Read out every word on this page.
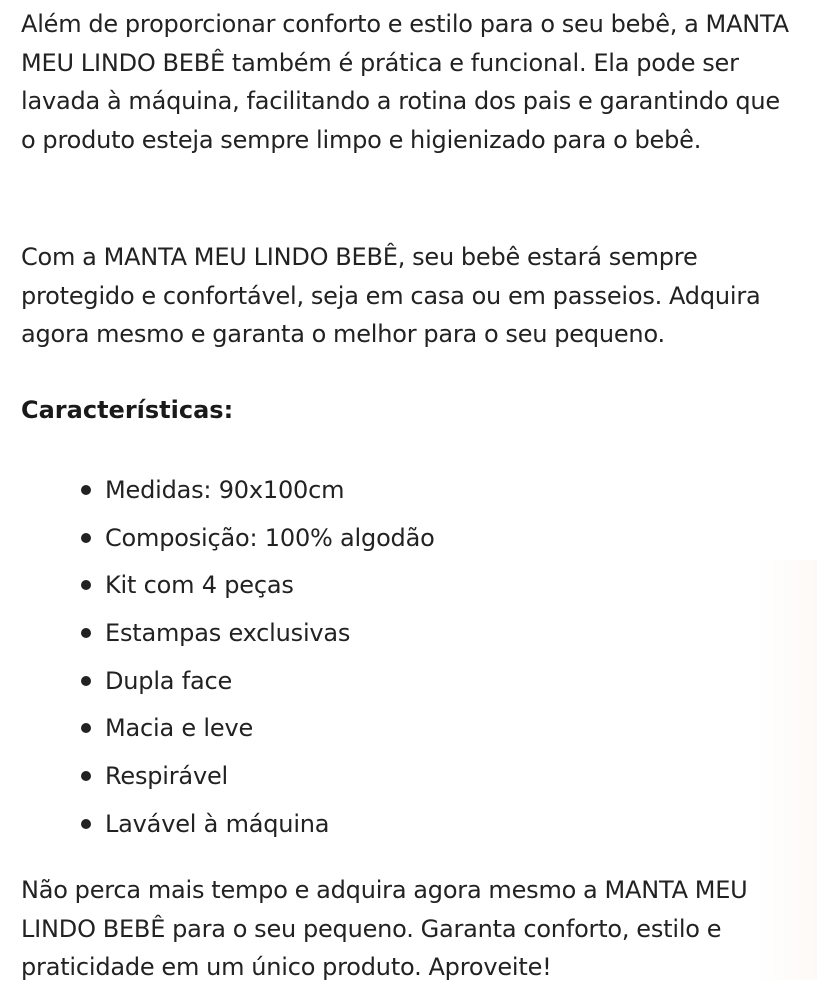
Além de proporcionar conforto e estilo para o seu bebê, a MANTA MEU LINDO BEBÊ também é prática e funcional. Ela pode ser lavada à máquina, facilitando a rotina dos pais e garantindo que o produto esteja sempre limpo e higienizado para o bebê.

Com a MANTA MEU LINDO BEBÊ, seu bebê estará sempre protegido e confortável, seja em casa ou em passeios. Adquira agora mesmo e garanta o melhor para o seu pequeno.

Características:
Medidas: 90x100cm
Composição: 100% algodão
Kit com 4 peças
Estampas exclusivas
Dupla face
Macia e leve
Respirável
Lavável à máquina

Não perca mais tempo e adquira agora mesmo a MANTA MEU LINDO BEBÊ para o seu pequeno. Garanta conforto, estilo e praticidade em um único produto. Aproveite!
